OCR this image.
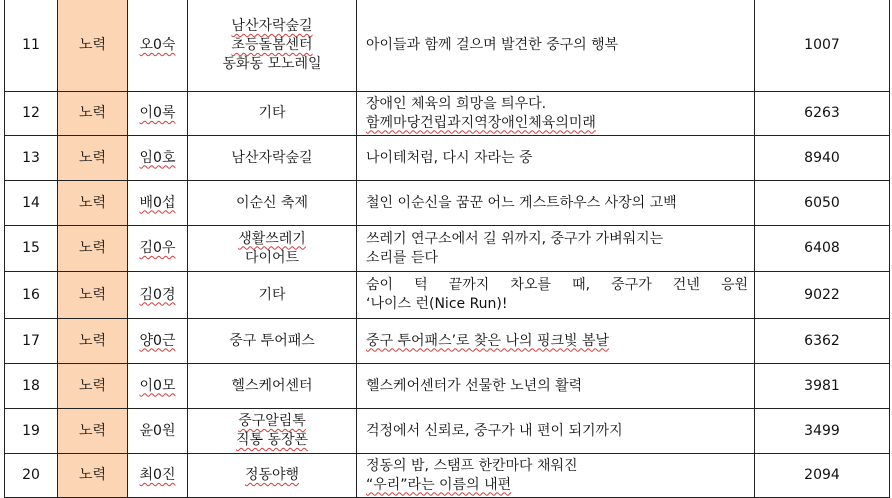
11	노력	오0숙	남산자락숲길
초등돌봄센터
동화동 모노레일	아이들과 함께 걸으며 발견한 중구의 행복	1007
12	노력	이0록	기타	장애인 체육의 희망을 틔우다.
함께마당건립과지역장애인체육의미래	6263
13	노력	임0호	남산자락숲길	나이테처럼, 다시 자라는 중	8940
14	노력	배0섭	이순신 축제	철인 이순신을 꿈꾼 어느 게스트하우스 사장의 고백	6050
15	노력	김0우	생활쓰레기
다이어트	쓰레기 연구소에서 길 위까지, 중구가 가벼워지는
소리를 듣다	6408
16	노력	김0경	기타	숨이 턱 끝까지 차오를 때, 중구가 건넨 응원
‘나이스 런(Nice Run)!	9022
17	노력	양0근	중구 투어패스	중구 투어패스’로 찾은 나의 핑크빛 봄날	6362
18	노력	이0모	헬스케어센터	헬스케어센터가 선물한 노년의 활력	3981
19	노력	윤0원	중구알림톡
직통 동장폰	걱정에서 신뢰로, 중구가 내 편이 되기까지	3499
20	노력	최0진	정동야행	정동의 밤, 스탬프 한칸마다 채워진
“우리”라는 이름의 내편	2094
